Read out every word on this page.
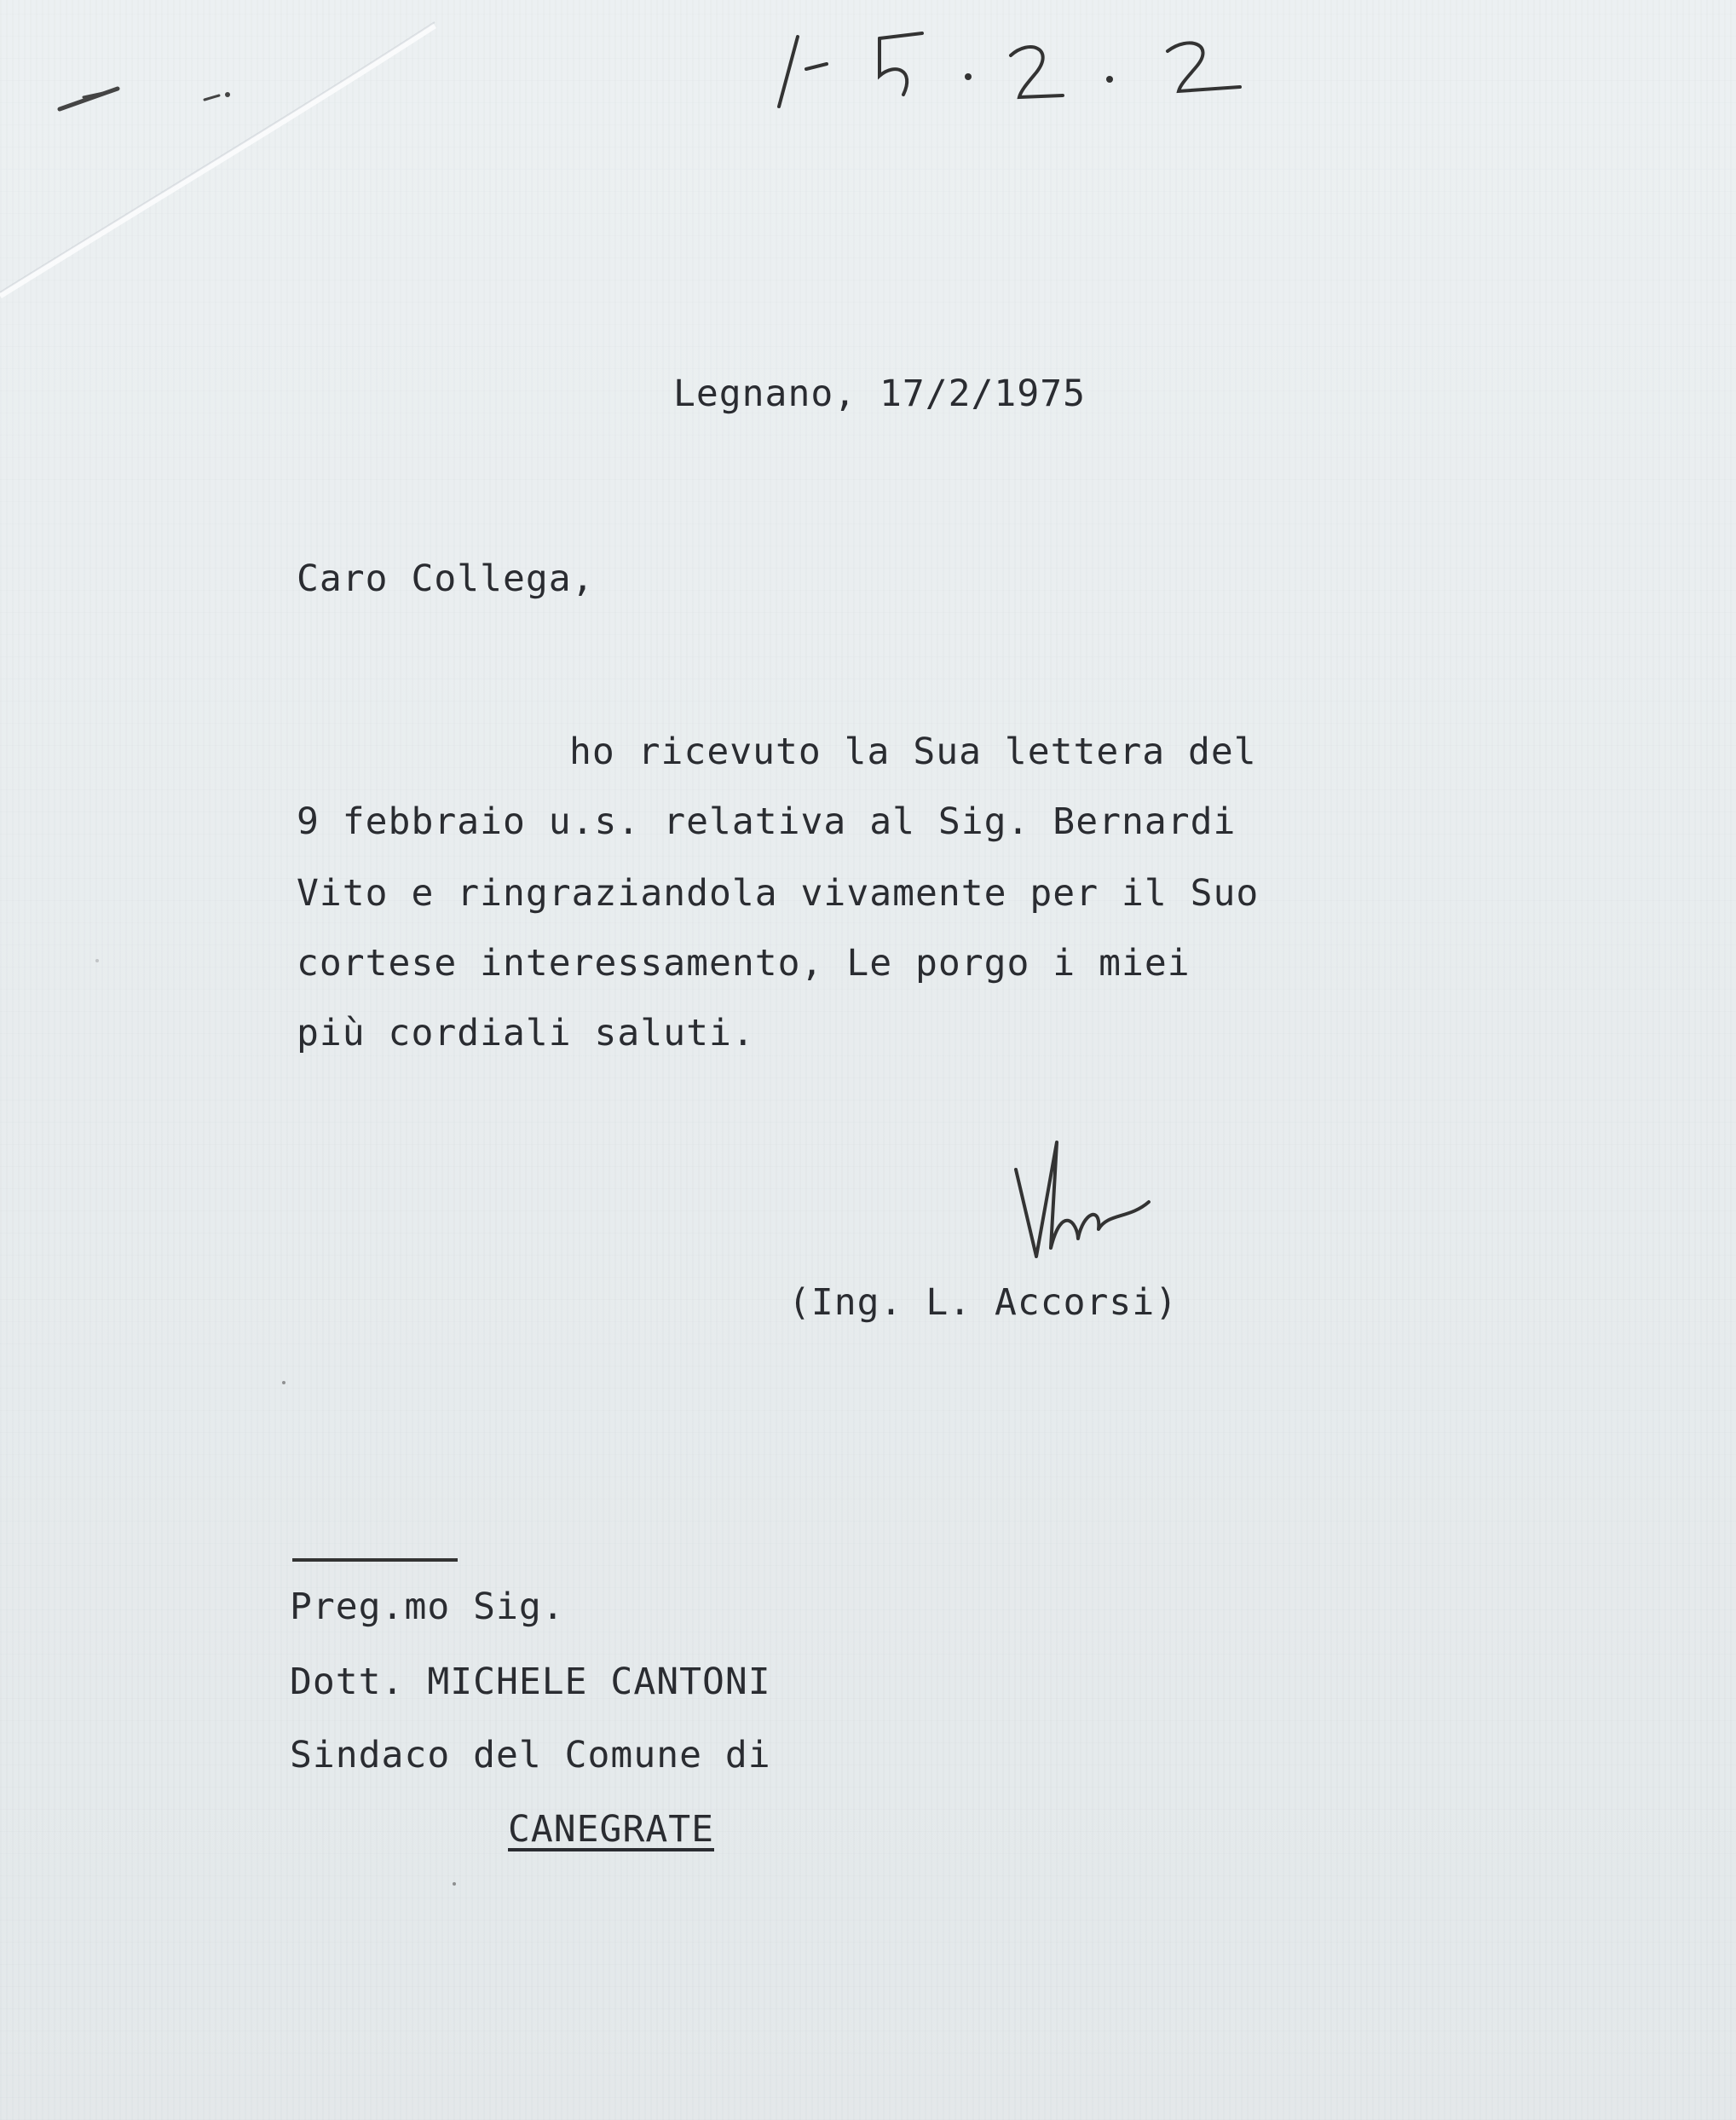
Legnano, 17/2/1975
Caro Collega,
ho ricevuto la Sua lettera del
9 febbraio u.s. relativa al Sig. Bernardi
Vito e ringraziandola vivamente per il Suo
cortese interessamento, Le porgo i miei
più cordiali saluti.
(Ing. L. Accorsi)
Preg.mo Sig.
Dott. MICHELE CANTONI
Sindaco del Comune di
CANEGRATE
